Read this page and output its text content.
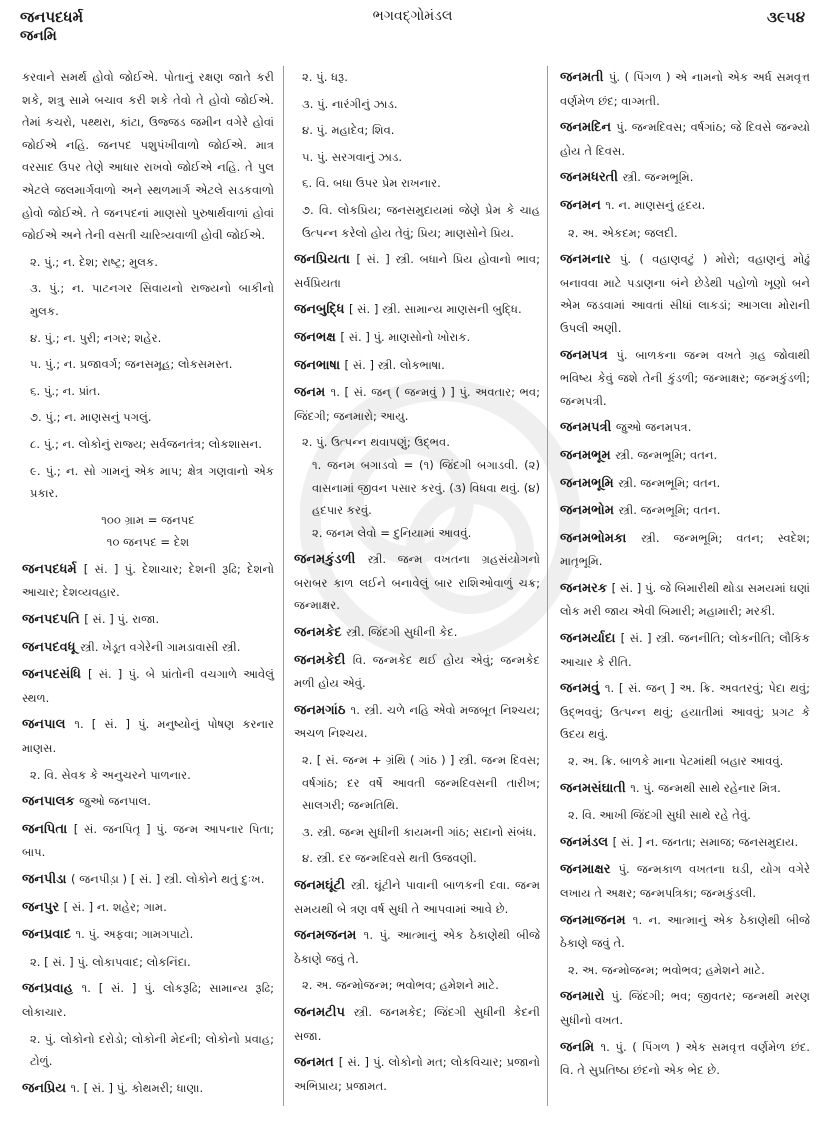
જનપદધર્મ
જનમિ
ભગવદ્ગોમંડલ	૩૯૫૪
કરવાને સમર્થ હોવો જોઈએ. પોતાનું રક્ષણ જાતે કરી શકે, શત્રુ સામે બચાવ કરી શકે તેવો તે હોવો જોઈએ. તેમાં કચરો, પથ્થરા, કાંટા, ઉજ્જડ જમીન વગેરે હોવાં જોઈએ નહિ. જનપદ પશુપંખીવાળો જોઈએ. માત્ર વરસાદ ઉપર તેણે આધાર રાખવો જોઈએ નહિ. તે પુલ એટલે જલમાર્ગવાળો અને સ્થળમાર્ગ એટલે સડકવાળો હોવો જોઈએ. તે જનપદનાં માણસો પુરુષાર્થવાળાં હોવાં જોઈએ અને તેની વસતી ચારિત્ર્યવાળી હોવી જોઈએ.
૨. પું.; ન. દેશ; રાષ્ટ્ર; મુલક.
૩. પું.; ન. પાટનગર સિવાયનો રાજ્યનો બાકીનો મુલક.
૪. પું.; ન. પુરી; નગર; શહેર.
૫. પું.; ન. પ્રજાવર્ગ; જનસમૂહ; લોકસમસ્ત.
૬. પું.; ન. પ્રાંત.
૭. પું.; ન. માણસનું પગલું.
૮. પું.; ન. લોકોનું રાજ્ય; સર્વજનતંત્ર; લોકશાસન.
૯. પું.; ન. સો ગામનું એક માપ; ક્ષેત્ર ગણવાનો એક પ્રકાર.
૧૦૦ ગ્રામ = જનપદ
૧૦ જનપદ = દેશ
જનપદધર્મ [ સં. ] પું. દેશાચાર; દેશની રૂઢિ; દેશનો આચાર; દેશવ્યવહાર.
જનપદપતિ [ સં. ] પું. રાજા.
જનપદવધૂ સ્ત્રી. ખેડૂત વગેરેની ગામડાવાસી સ્ત્રી.
જનપદસંધિ [ સં. ] પું. બે પ્રાંતોની વચગાળે આવેલું સ્થળ.
જનપાલ ૧. [ સં. ] પું. મનુષ્યોનું પોષણ કરનાર માણસ.
૨. વિ. સેવક કે અનુચરને પાળનાર.
જનપાલક જુઓ જનપાલ.
જનપિતા [ સં. જનપિતૃ ] પું. જન્મ આપનાર પિતા; બાપ.
જનપીડા ( જનપીડ઼ા ) [ સં. ] સ્ત્રી. લોકોને થતું દુઃખ.
જનપુર [ સં. ] ન. શહેર; ગામ.
જનપ્રવાદ ૧. પું. અફવા; ગામગપાટો.
૨. [ સં. ] પું. લોકાપવાદ; લોકનિંદા.
જનપ્રવાહ ૧. [ સં. ] પું. લોકરૂઢિ; સામાન્ય રૂઢિ; લોકાચાર.
૨. પું. લોકોનો દરોડો; લોકોની મેદની; લોકોનો પ્રવાહ; ટોળું.
જનપ્રિય ૧. [ સં. ] પું. કોથમરી; ધાણા.
૨. પું. ધરૂ.
૩. પું. નારંગીનું ઝાડ.
૪. પું. મહાદેવ; શિવ.
૫. પું. સરગવાનું ઝાડ.
૬. વિ. બધા ઉપર પ્રેમ રાખનાર.
૭. વિ. લોકપ્રિય; જનસમુદાયમાં જેણે પ્રેમ કે ચાહ ઉત્પન્ન કરેલો હોય તેવું; પ્રિય; માણસોને પ્રિય.
જનપ્રિયતા [ સં. ] સ્ત્રી. બધાને પ્રિય હોવાનો ભાવ; સર્વપ્રિયતા
જનબુદ્ધિ [ સં. ] સ્ત્રી. સામાન્ય માણસની બુદ્ધિ.
જનભક્ષ [ સં. ] પું. માણસોનો ખોરાક.
જનભાષા [ સં. ] સ્ત્રી. લોકભાષા.
જનમ ૧. [ સં. જન્ ( જન્મવું ) ] પું. અવતાર; ભવ; જિંદગી; જનમારો; આયુ.
૨. પું. ઉત્પન્ન થવાપણું; ઉદ્ભવ.
૧. જનમ બગાડવો = (૧) જિંદગી બગાડવી. (૨) વાસનામાં જીવન પસાર કરવું. (૩) વિધવા થવું. (૪) હદપાર કરવું.
૨. જનમ લેવો = દુનિયામાં આવવું.
જનમકુંડળી સ્ત્રી. જન્મ વખતના ગ્રહસંયોગનો બરાબર કાળ લઈને બનાવેલું બાર રાશિઓવાળું ચક્ર; જન્માક્ષર.
જનમકેદ સ્ત્રી. જિંદગી સુધીની કેદ.
જનમકેદી વિ. જન્મકેદ થઈ હોય એવું; જન્મકેદ મળી હોય એવું.
જનમગાંઠ ૧. સ્ત્રી. ચળે નહિ એવો મજબૂત નિશ્ચય; અચળ નિશ્ચય.
૨. [ સં. જન્મ + ગ્રંથિ ( ગાંઠ ) ] સ્ત્રી. જન્મ દિવસ; વર્ષગાંઠ; દર વર્ષે આવતી જન્મદિવસની તારીખ; સાલગરી; જન્મતિથિ.
૩. સ્ત્રી. જન્મ સુધીની કાયમની ગાંઠ; સદાનો સંબંધ.
૪. સ્ત્રી. દર જન્મદિવસે થતી ઉજવણી.
જનમઘૂંટી સ્ત્રી. ઘૂંટીને પાવાની બાળકની દવા. જન્મ સમયથી બે ત્રણ વર્ષ સુધી તે આપવામાં આવે છે.
જનમજનમ ૧. પું. આત્માનું એક ઠેકાણેથી બીજે ઠેકાણે જવું તે.
૨. અ. જન્મોજન્મ; ભવોભવ; હમેશને માટે.
જનમટીપ સ્ત્રી. જનમકેદ; જિંદગી સુધીની કેદની સજા.
જનમત [ સં. ] પું. લોકોનો મત; લોકવિચાર; પ્રજાનો અભિપ્રાય; પ્રજામત.
જનમતી પું. ( પિંગળ ) એ નામનો એક અર્ધ સમવૃત્ત વર્ણમેળ છંદ; વાગ્મતી.
જનમદિન પું. જન્મદિવસ; વર્ષગાંઠ; જે દિવસે જન્મ્યો હોય તે દિવસ.
જનમધરતી સ્ત્રી. જન્મભૂમિ.
જનમન ૧. ન. માણસનું હૃદય.
૨. અ. એકદમ; જલદી.
જનમનાર પું. ( વહાણવટું ) મોરો; વહાણનું મોઢું બનાવવા માટે પડાણના બંને છેડેથી પહોળો ખૂણો બને એમ જડવામાં આવતાં સીધાં લાકડાં; આગલા મોરાની ઉપલી અણી.
જનમપત્ર પું. બાળકના જન્મ વખતે ગ્રહ જોવાથી ભવિષ્ય કેવું જશે તેની કુંડળી; જન્માક્ષર; જન્મકુંડળી; જન્મપત્રી.
જનમપત્રી જુઓ જનમપત્ર.
જનમભૂમ સ્ત્રી. જન્મભૂમિ; વતન.
જનમભૂમિ સ્ત્રી. જન્મભૂમિ; વતન.
જનમભોમ સ્ત્રી. જન્મભૂમિ; વતન.
જનમભોમકા સ્ત્રી. જન્મભૂમિ; વતન; સ્વદેશ; માતૃભૂમિ.
જનમરક [ સં. ] પું. જે બિમારીથી થોડા સમયમાં ઘણાં લોક મરી જાય એવી બિમારી; મહામારી; મરકી.
જનમર્યાદા [ સં. ] સ્ત્રી. જનનીતિ; લોકનીતિ; લૌકિક આચાર કે રીતિ.
જનમવું ૧. [ સં. જન્ ] અ. ક્રિ. અવતરવું; પેદા થવું; ઉદ્ભવવું; ઉત્પન્ન થવું; હયાતીમાં આવવું; પ્રગટ કે ઉદય થવું.
૨. અ. ક્રિ. બાળકે માના પેટમાંથી બહાર આવવું.
જનમસંઘાતી ૧. પું. જન્મથી સાથે રહેનાર મિત્ર.
૨. વિ. આખી જિંદગી સુધી સાથે રહે તેવું.
જનમંડલ [ સં. ] ન. જનતા; સમાજ; જનસમુદાય.
જનમાક્ષર પું. જન્મકાળ વખતના ઘડી, યોગ વગેરે લખાય તે અક્ષર; જન્મપત્રિકા; જન્મકુંડલી.
જનમાજનમ ૧. ન. આત્માનું એક ઠેકાણેથી બીજે ઠેકાણે જવું તે.
૨. અ. જન્મોજન્મ; ભવોભવ; હમેશને માટે.
જનમારો પું. જિંદગી; ભવ; જીવતર; જન્મથી મરણ સુધીનો વખત.
જનમિ ૧. પું. ( પિંગળ ) એક સમવૃત્ત વર્ણમેળ છંદ. વિ. તે સુપ્રતિષ્ઠા છંદનો એક ભેદ છે.
